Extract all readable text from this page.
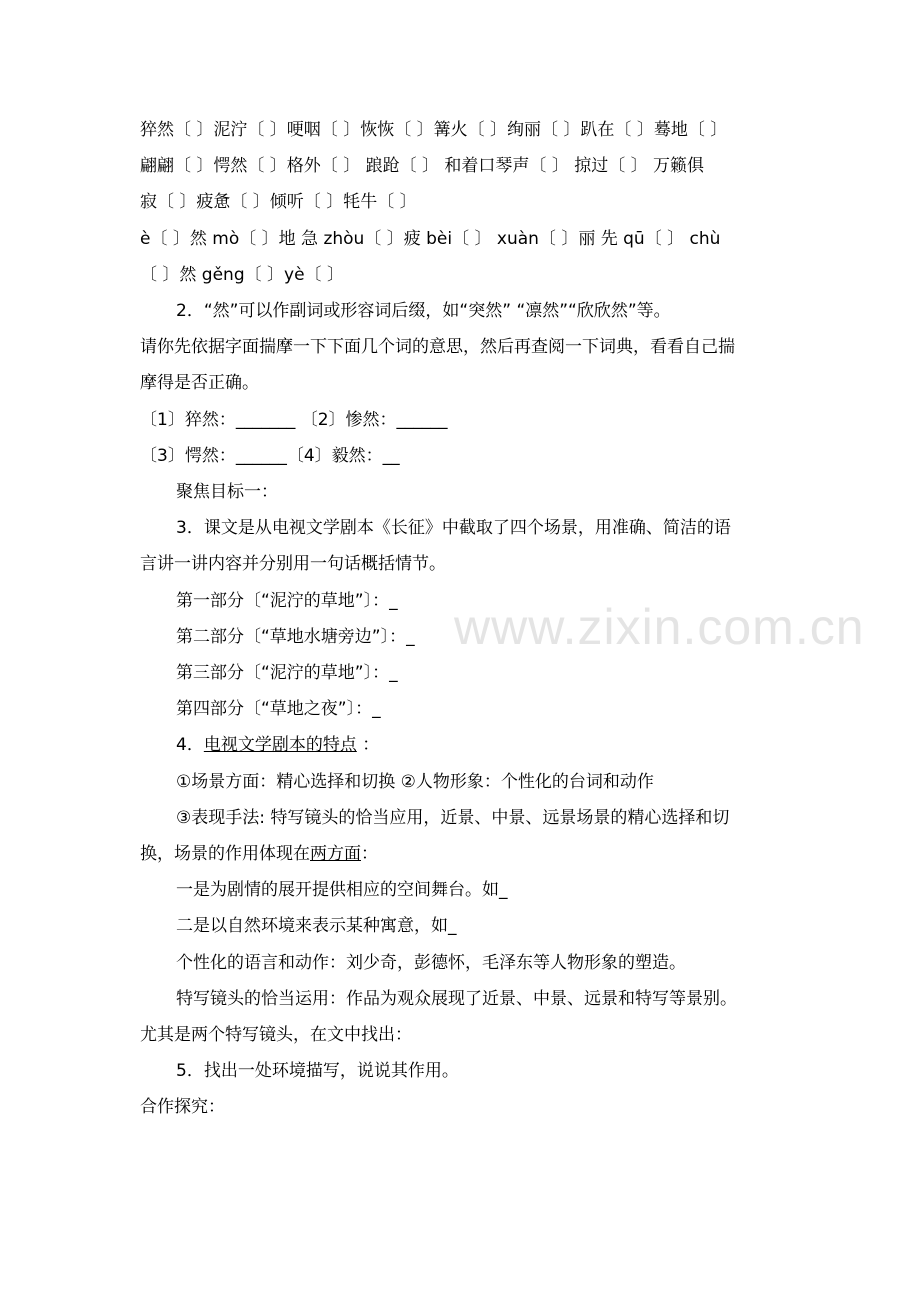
www.zixin.com.cn
猝然〔 〕泥泞〔 〕哽咽〔 〕恢恢〔 〕篝火〔 〕绚丽〔 〕趴在〔 〕蓦地〔 〕
翩翩〔 〕愕然〔 〕格外〔 〕 踉跄〔 〕 和着口琴声〔 〕 掠过〔 〕 万籁俱
寂〔 〕疲惫〔 〕倾听〔 〕牦牛〔 〕
è〔 〕然 mò〔 〕地 急 zhòu〔 〕疲 bèi〔 〕 xuàn〔 〕丽 先 qū〔 〕 chù
〔 〕然 gěng〔 〕yè〔 〕
2．“然”可以作副词或形容词后缀，如“突然” “凛然”“欣欣然”等。
请你先依据字面揣摩一下下面几个词的意思，然后再查阅一下词典，看看自己揣
摩得是否正确。
〔1〕猝然：_______ 〔2〕惨然：______
〔3〕愕然：______〔4〕毅然：__
聚焦目标一：
3．课文是从电视文学剧本《长征》中截取了四个场景，用准确、简洁的语
言讲一讲内容并分别用一句话概括情节。
第一部分〔“泥泞的草地”〕：_
第二部分〔“草地水塘旁边”〕：_
第三部分〔“泥泞的草地”〕：_
第四部分〔“草地之夜”〕：_
4．电视文学剧本的特点 ：
①场景方面：精心选择和切换 ②人物形象：个性化的台词和动作
③表现手法: 特写镜头的恰当应用，近景、中景、远景场景的精心选择和切
换，场景的作用体现在两方面：
一是为剧情的展开提供相应的空间舞台。如_
二是以自然环境来表示某种寓意，如_
个性化的语言和动作：刘少奇，彭德怀，毛泽东等人物形象的塑造。
特写镜头的恰当运用：作品为观众展现了近景、中景、远景和特写等景别。
尤其是两个特写镜头，在文中找出：
5．找出一处环境描写，说说其作用。
合作探究：
